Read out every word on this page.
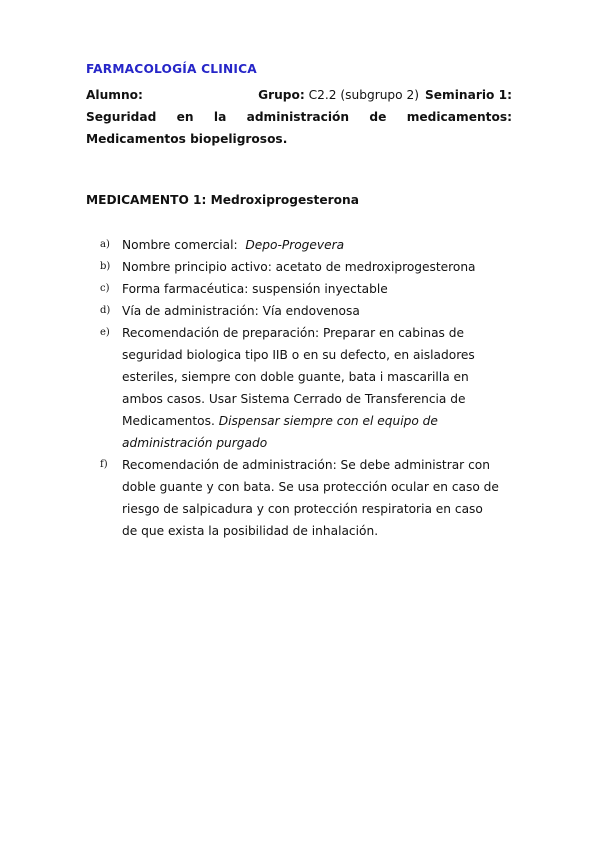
FARMACOLOGÍA CLINICA
Alumno:	Grupo: C2.2 (subgrupo 2) Seminario 1:
Seguridad en la administración de medicamentos:
Medicamentos biopeligrosos.
MEDICAMENTO 1: Medroxiprogesterona
a) Nombre comercial:  Depo-Progevera
b) Nombre principio activo: acetato de medroxiprogesterona
c)	Forma farmacéutica: suspensión inyectable
d) Vía de administración: Vía endovenosa
e) Recomendación de preparación: Preparar en cabinas de seguridad biologica tipo IIB o en su defecto, en aisladores esteriles, siempre con doble guante, bata i mascarilla en ambos casos. Usar Sistema Cerrado de Transferencia de Medicamentos. Dispensar siempre con el equipo de administración purgado
f)	Recomendación de administración: Se debe administrar con doble guante y con bata. Se usa protección ocular en caso de riesgo de salpicadura y con protección respiratoria en caso de que exista la posibilidad de inhalación.
